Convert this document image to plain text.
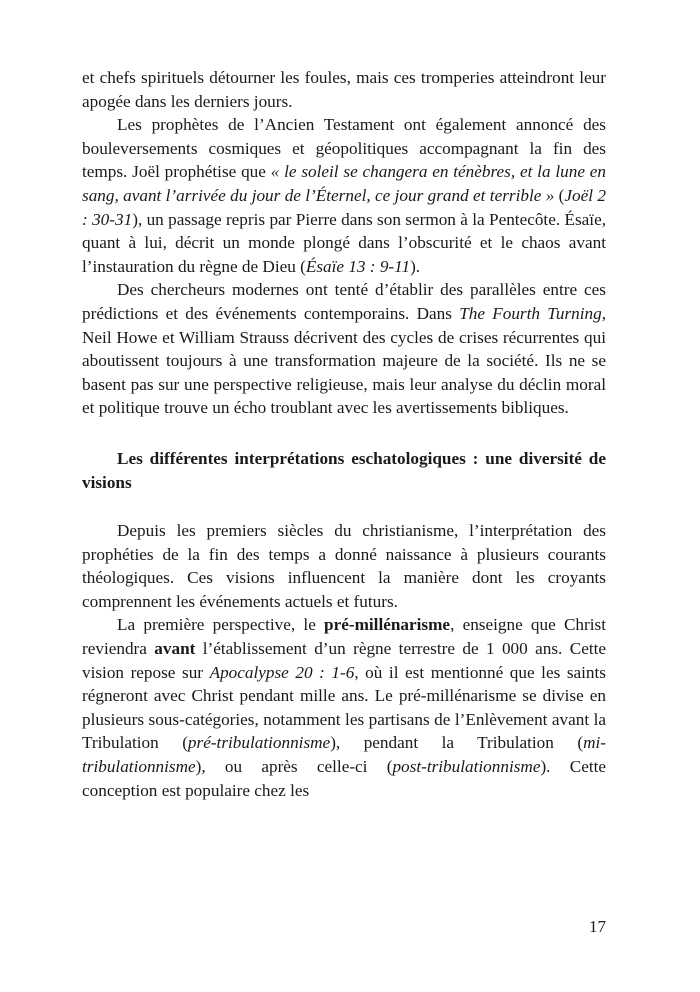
et chefs spirituels détourner les foules, mais ces tromperies atteindront leur apogée dans les derniers jours.

Les prophètes de l’Ancien Testament ont également annoncé des bouleversements cosmiques et géopolitiques accompagnant la fin des temps. Joël prophétise que « le soleil se changera en ténèbres, et la lune en sang, avant l’arrivée du jour de l’Éternel, ce jour grand et terrible » (Joël 2 : 30-31), un passage repris par Pierre dans son sermon à la Pentecôte. Ésaïe, quant à lui, décrit un monde plongé dans l’obscurité et le chaos avant l’instauration du règne de Dieu (Ésaïe 13 : 9-11).

Des chercheurs modernes ont tenté d’établir des parallèles entre ces prédictions et des événements contemporains. Dans The Fourth Turning, Neil Howe et William Strauss décrivent des cycles de crises récurrentes qui aboutissent toujours à une transformation majeure de la société. Ils ne se basent pas sur une perspective religieuse, mais leur analyse du déclin moral et politique trouve un écho troublant avec les avertissements bibliques.

Les différentes interprétations eschatologiques : une diversité de visions

Depuis les premiers siècles du christianisme, l’interprétation des prophéties de la fin des temps a donné naissance à plusieurs courants théologiques. Ces visions influencent la manière dont les croyants comprennent les événements actuels et futurs.

La première perspective, le pré-millénarisme, enseigne que Christ reviendra avant l’établissement d’un règne terrestre de 1 000 ans. Cette vision repose sur Apocalypse 20 : 1-6, où il est mentionné que les saints régneront avec Christ pendant mille ans. Le pré-millénarisme se divise en plusieurs sous-catégories, notamment les partisans de l’Enlèvement avant la Tribulation (pré-tribulationnisme), pendant la Tribulation (mi-tribulationnisme), ou après celle-ci (post-tribulationnisme). Cette conception est populaire chez les

17
